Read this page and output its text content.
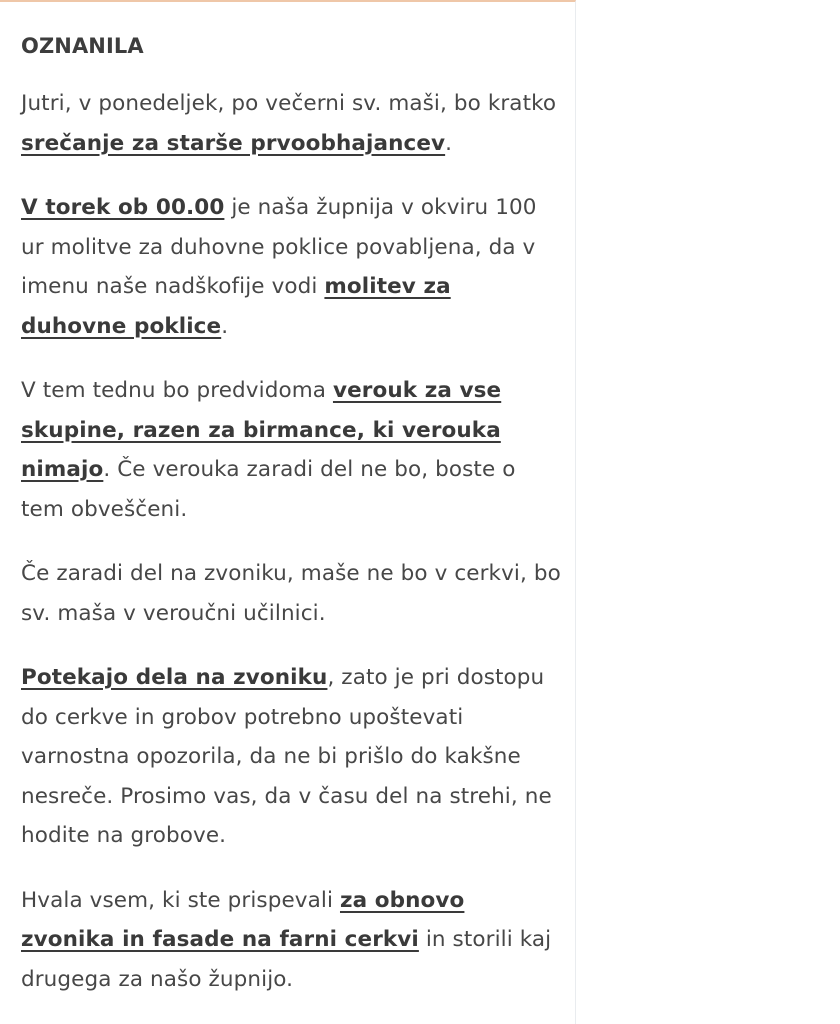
OZNANILA

Jutri, v ponedeljek, po večerni sv. maši, bo kratko srečanje za starše prvoobhajancev.

V torek ob 00.00 je naša župnija v okviru 100 ur molitve za duhovne poklice povabljena, da v imenu naše nadškofije vodi molitev za duhovne poklice.

V tem tednu bo predvidoma verouk za vse skupine, razen za birmance, ki verouka nimajo. Če verouka zaradi del ne bo, boste o tem obveščeni.

Če zaradi del na zvoniku, maše ne bo v cerkvi, bo sv. maša v veroučni učilnici.

Potekajo dela na zvoniku, zato je pri dostopu do cerkve in grobov potrebno upoštevati varnostna opozorila, da ne bi prišlo do kakšne nesreče. Prosimo vas, da v času del na strehi, ne hodite na grobove.

Hvala vsem, ki ste prispevali za obnovo zvonika in fasade na farni cerkvi in storili kaj drugega za našo župnijo.
